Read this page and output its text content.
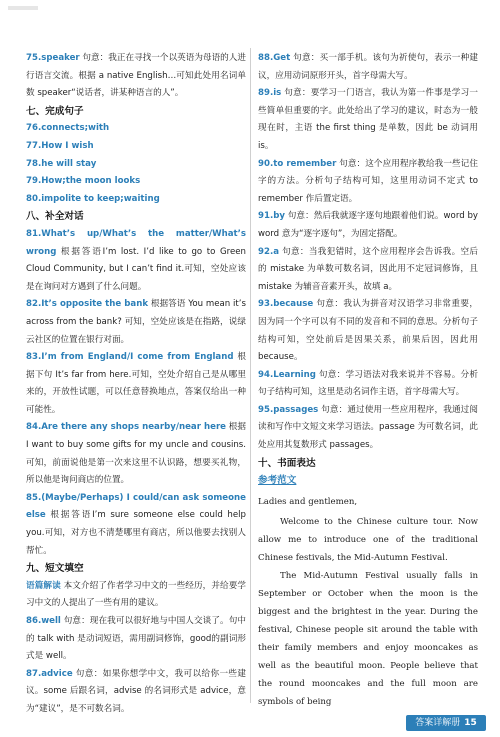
75.speaker 句意：我正在寻找一个以英语为母语的人进行语言交流。根据 a native English…可知此处用名词单数 speaker“说话者，讲某种语言的人”。

七、完成句子

76.connects;with

77.How I wish

78.he will stay

79.How;the moon looks

80.impolite to keep;waiting

八、补全对话

81.What’s up/What’s the matter/What’s wrong 根据答语I’m lost. I’d like to go to Green Cloud Community, but I can’t find it.可知，空处应该是在询问对方遇到了什么问题。

82.It’s opposite the bank 根据答语 You mean it’s across from the bank? 可知，空处应该是在指路，说绿云社区的位置在银行对面。

83.I’m from England/I come from England 根据下句 It’s far from here.可知，空处介绍自己是从哪里来的，开放性试题，可以任意替换地点，答案仅给出一种可能性。

84.Are there any shops nearby/near here 根据 I want to buy some gifts for my uncle and cousins. 可知，前面说他是第一次来这里不认识路，想要买礼物，所以他是询问商店的位置。

85.(Maybe/Perhaps) I could/can ask someone else 根据答语I’m sure someone else could help you.可知，对方也不清楚哪里有商店，所以他要去找别人帮忙。

九、短文填空

语篇解读 本文介绍了作者学习中文的一些经历，并给要学习中文的人提出了一些有用的建议。

86.well 句意：现在我可以很好地与中国人交谈了。句中的 talk with 是动词短语，需用副词修饰，good的副词形式是 well。

87.advice 句意：如果你想学中文，我可以给你一些建议。some 后跟名词，advise 的名词形式是 advice，意为“建议”，是不可数名词。

88.Get 句意：买一部手机。该句为祈使句，表示一种建议，应用动词原形开头，首字母需大写。

89.is 句意：要学习一门语言，我认为第一件事是学习一些简单但重要的字。此处给出了学习的建议，时态为一般现在时，主语 the first thing 是单数，因此 be 动词用 is。

90.to remember 句意：这个应用程序教给我一些记住字的方法。分析句子结构可知，这里用动词不定式 to remember 作后置定语。

91.by 句意：然后我就逐字逐句地跟着他们说。word by word 意为“逐字逐句”，为固定搭配。

92.a 句意：当我犯错时，这个应用程序会告诉我。空后的 mistake 为单数可数名词，因此用不定冠词修饰，且 mistake 为辅音音素开头，故填 a。

93.because 句意：我认为拼音对汉语学习非常重要，因为同一个字可以有不同的发音和不同的意思。分析句子结构可知，空处前后是因果关系，前果后因，因此用 because。

94.Learning 句意：学习语法对我来说并不容易。分析句子结构可知，这里是动名词作主语，首字母需大写。

95.passages 句意：通过使用一些应用程序，我通过阅读和写作中文短文来学习语法。passage 为可数名词，此处应用其复数形式 passages。

十、书面表达

参考范文

Ladies and gentlemen,

Welcome to the Chinese culture tour. Now allow me to introduce one of the traditional Chinese festivals, the Mid-Autumn Festival.

The Mid-Autumn Festival usually falls in September or October when the moon is the biggest and the brightest in the year. During the festival, Chinese people sit around the table with their family members and enjoy mooncakes as well as the beautiful moon. People believe that the round mooncakes and the full moon are symbols of being

答案详解册 15
